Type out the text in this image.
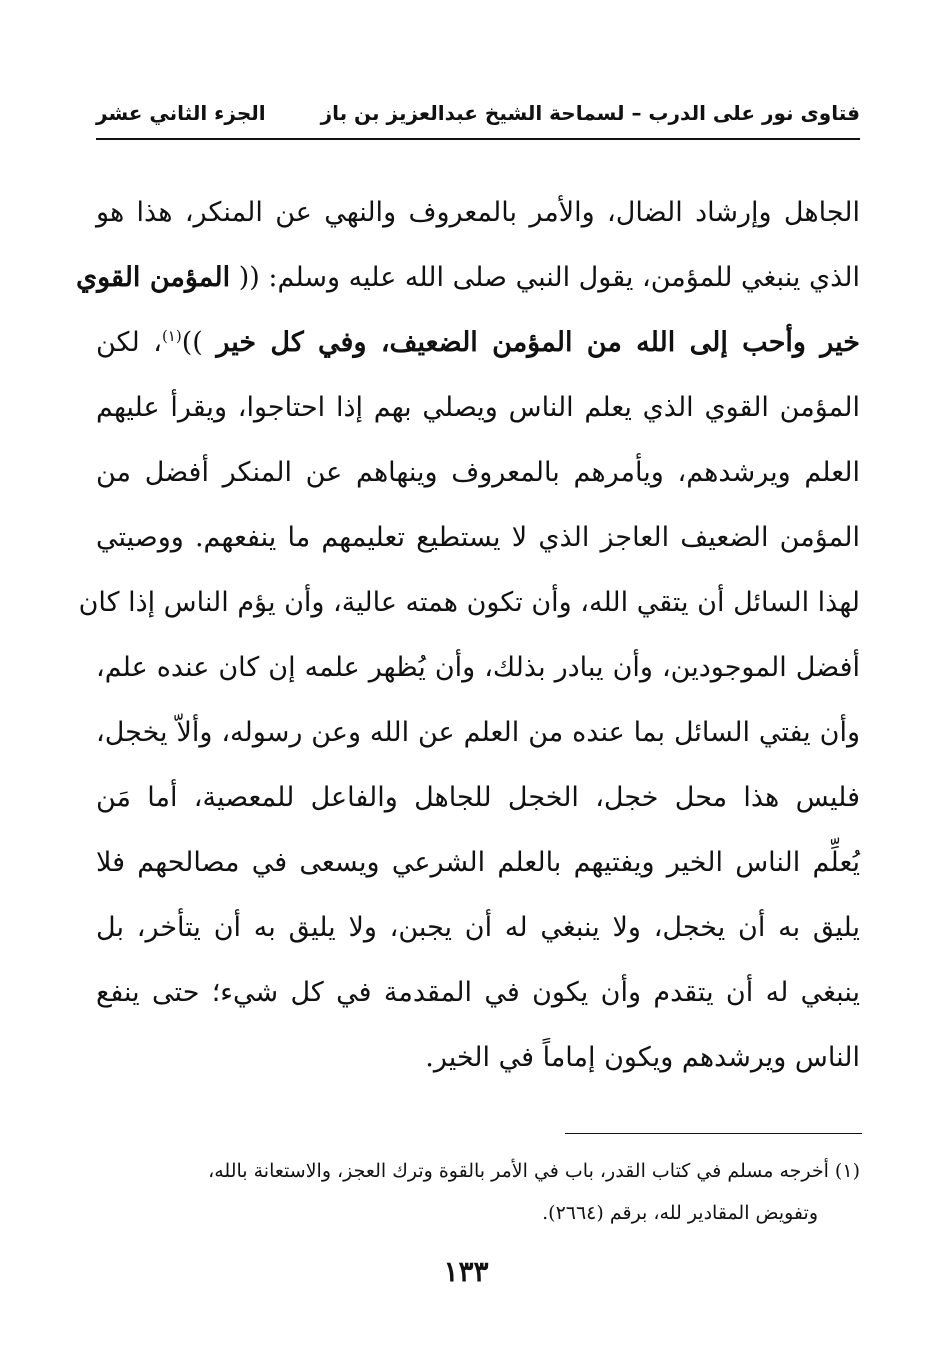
فتاوى نور على الدرب – لسماحة الشيخ عبدالعزيز بن باز
الجزء الثاني عشر
الجاهل وإرشاد الضال، والأمر بالمعروف والنهي عن المنكر، هذا هو
الذي ينبغي للمؤمن، يقول النبي صلى الله عليه وسلم: (( المؤمن القوي
خير وأحب إلى الله من المؤمن الضعيف، وفي كل خير ))$^{(١)}$، لكن
المؤمن القوي الذي يعلم الناس ويصلي بهم إذا احتاجوا، ويقرأ عليهم
العلم ويرشدهم، ويأمرهم بالمعروف وينهاهم عن المنكر أفضل من
المؤمن الضعيف العاجز الذي لا يستطيع تعليمهم ما ينفعهم. ووصيتي
لهذا السائل أن يتقي الله، وأن تكون همته عالية، وأن يؤم الناس إذا كان
أفضل الموجودين، وأن يبادر بذلك، وأن يُظهر علمه إن كان عنده علم،
وأن يفتي السائل بما عنده من العلم عن الله وعن رسوله، وألاّ يخجل،
فليس هذا محل خجل، الخجل للجاهل والفاعل للمعصية، أما مَن
يُعلِّم الناس الخير ويفتيهم بالعلم الشرعي ويسعى في مصالحهم فلا
يليق به أن يخجل، ولا ينبغي له أن يجبن، ولا يليق به أن يتأخر، بل
ينبغي له أن يتقدم وأن يكون في المقدمة في كل شيء؛ حتى ينفع
الناس ويرشدهم ويكون إماماً في الخير.
(١) أخرجه مسلم في كتاب القدر، باب في الأمر بالقوة وترك العجز، والاستعانة بالله،
وتفويض المقادير لله، برقم (٢٦٦٤).
١٣٣
